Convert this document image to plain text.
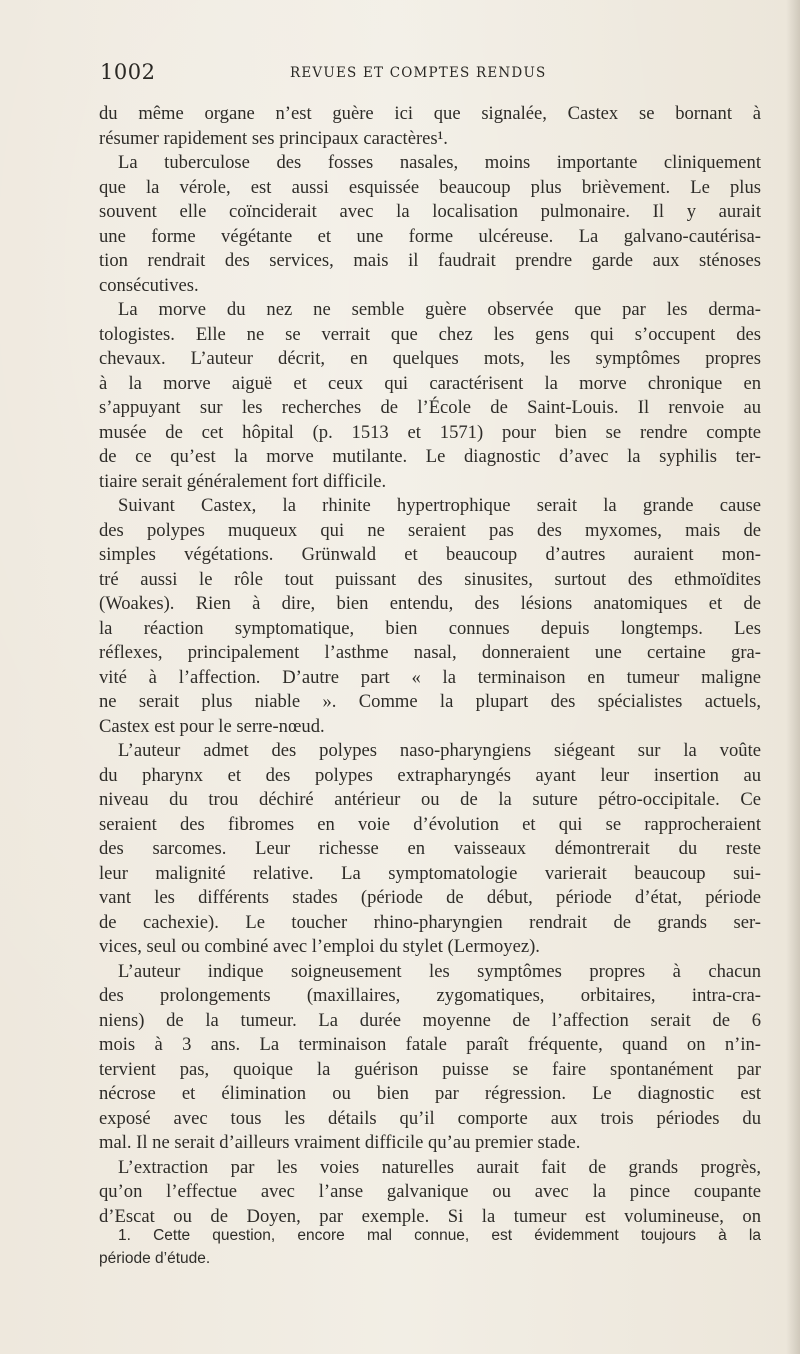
1002	REVUES ET COMPTES RENDUS

du même organe n’est guère ici que signalée, Castex se bornant à
résumer rapidement ses principaux caractères¹.

La tuberculose des fosses nasales, moins importante cliniquement
que la vérole, est aussi esquissée beaucoup plus brièvement. Le plus
souvent elle coïnciderait avec la localisation pulmonaire. Il y aurait
une forme végétante et une forme ulcéreuse. La galvano-cautérisa-
tion rendrait des services, mais il faudrait prendre garde aux sténoses
consécutives.

La morve du nez ne semble guère observée que par les derma-
tologistes. Elle ne se verrait que chez les gens qui s’occupent des
chevaux. L’auteur décrit, en quelques mots, les symptômes propres
à la morve aiguë et ceux qui caractérisent la morve chronique en
s’appuyant sur les recherches de l’École de Saint-Louis. Il renvoie au
musée de cet hôpital (p. 1513 et 1571) pour bien se rendre compte
de ce qu’est la morve mutilante. Le diagnostic d’avec la syphilis ter-
tiaire serait généralement fort difficile.

Suivant Castex, la rhinite hypertrophique serait la grande cause
des polypes muqueux qui ne seraient pas des myxomes, mais de
simples végétations. Grünwald et beaucoup d’autres auraient mon-
tré aussi le rôle tout puissant des sinusites, surtout des ethmoïdites
(Woakes). Rien à dire, bien entendu, des lésions anatomiques et de
la réaction symptomatique, bien connues depuis longtemps. Les
réflexes, principalement l’asthme nasal, donneraient une certaine gra-
vité à l’affection. D’autre part « la terminaison en tumeur maligne
ne serait plus niable ». Comme la plupart des spécialistes actuels,
Castex est pour le serre-nœud.

L’auteur admet des polypes naso-pharyngiens siégeant sur la voûte
du pharynx et des polypes extrapharyngés ayant leur insertion au
niveau du trou déchiré antérieur ou de la suture pétro-occipitale. Ce
seraient des fibromes en voie d’évolution et qui se rapprocheraient
des sarcomes. Leur richesse en vaisseaux démontrerait du reste
leur malignité relative. La symptomatologie varierait beaucoup sui-
vant les différents stades (période de début, période d’état, période
de cachexie). Le toucher rhino-pharyngien rendrait de grands ser-
vices, seul ou combiné avec l’emploi du stylet (Lermoyez).

L’auteur indique soigneusement les symptômes propres à chacun
des prolongements (maxillaires, zygomatiques, orbitaires, intra-cra-
niens) de la tumeur. La durée moyenne de l’affection serait de 6
mois à 3 ans. La terminaison fatale paraît fréquente, quand on n’in-
tervient pas, quoique la guérison puisse se faire spontanément par
nécrose et élimination ou bien par régression. Le diagnostic est
exposé avec tous les détails qu’il comporte aux trois périodes du
mal. Il ne serait d’ailleurs vraiment difficile qu’au premier stade.

L’extraction par les voies naturelles aurait fait de grands progrès,
qu’on l’effectue avec l’anse galvanique ou avec la pince coupante
d’Escat ou de Doyen, par exemple. Si la tumeur est volumineuse, on

1. Cette question, encore mal connue, est évidemment toujours à la
période d’étude.
